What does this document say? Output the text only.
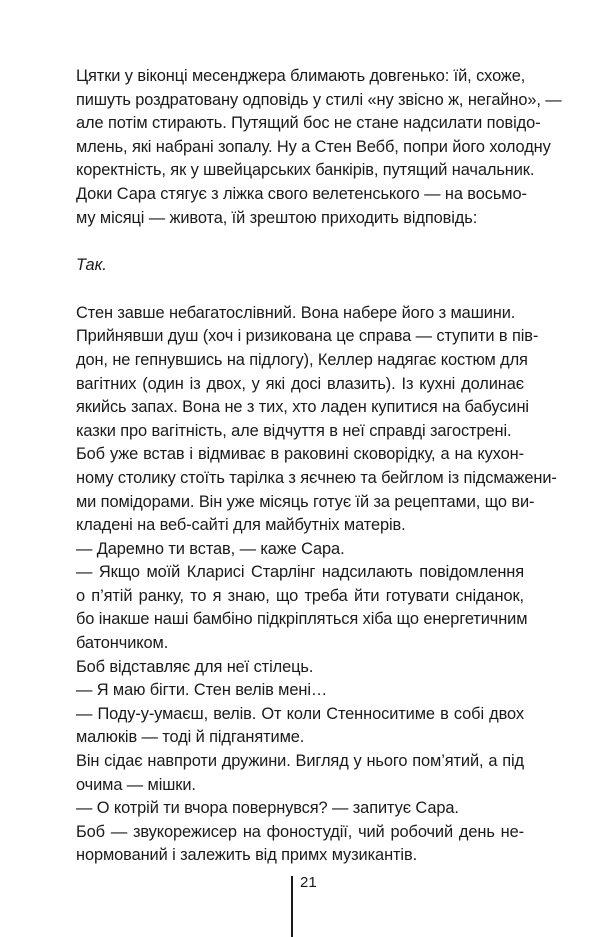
Цятки у віконці месенджера блимають довгенько: їй, схоже,
пишуть роздратовану одповідь у стилі «ну звісно ж, негайно», —
але потім стирають. Путящий бос не стане надсилати повідо-
млень, які набрані зопалу. Ну а Стен Вебб, попри його холодну
коректність, як у швейцарських банкірів, путящий начальник.

Доки Сара стягує з ліжка свого велетенського — на восьмо-
му місяці — живота, їй зрештою приходить відповідь:

Так.

Стен завше небагатослівний. Вона набере його з машини.

Прийнявши душ (хоч і ризикована це справа — ступити в пів-
дон, не гепнувшись на підлогу), Келлер надягає костюм для
вагітних (один із двох, у які досі влазить). Із кухні долинає
якийсь запах. Вона не з тих, хто ладен купитися на бабусині
казки про вагітність, але відчуття в неї справді загострені.

Боб уже встав і відмиває в раковині сковорідку, а на кухон-
ному столику стоїть тарілка з яєчнею та бейглом із підсмажени-
ми помідорами. Він уже місяць готує їй за рецептами, що ви-
кладені на веб-сайті для майбутніх матерів.

— Даремно ти встав, — каже Сара.

— Якщо моїй Кларисі Старлінг надсилають повідомлення
о п’ятій ранку, то я знаю, що треба йти готувати сніданок,
бо інакше наші бамбіно підкріпляться хіба що енергетичним
батончиком.

Боб відставляє для неї стілець.

— Я маю бігти. Стен велів мені…

— Поду-у-умаєш, велів. От коли Стенноситиме в собі двох
малюків — тоді й підганятиме.

Він сідає навпроти дружини. Вигляд у нього пом’ятий, а під
очима — мішки.

— О котрій ти вчора повернувся? — запитує Сара.

Боб — звукорежисер на фоностудії, чий робочий день не-
нормований і залежить від примх музикантів.

21
